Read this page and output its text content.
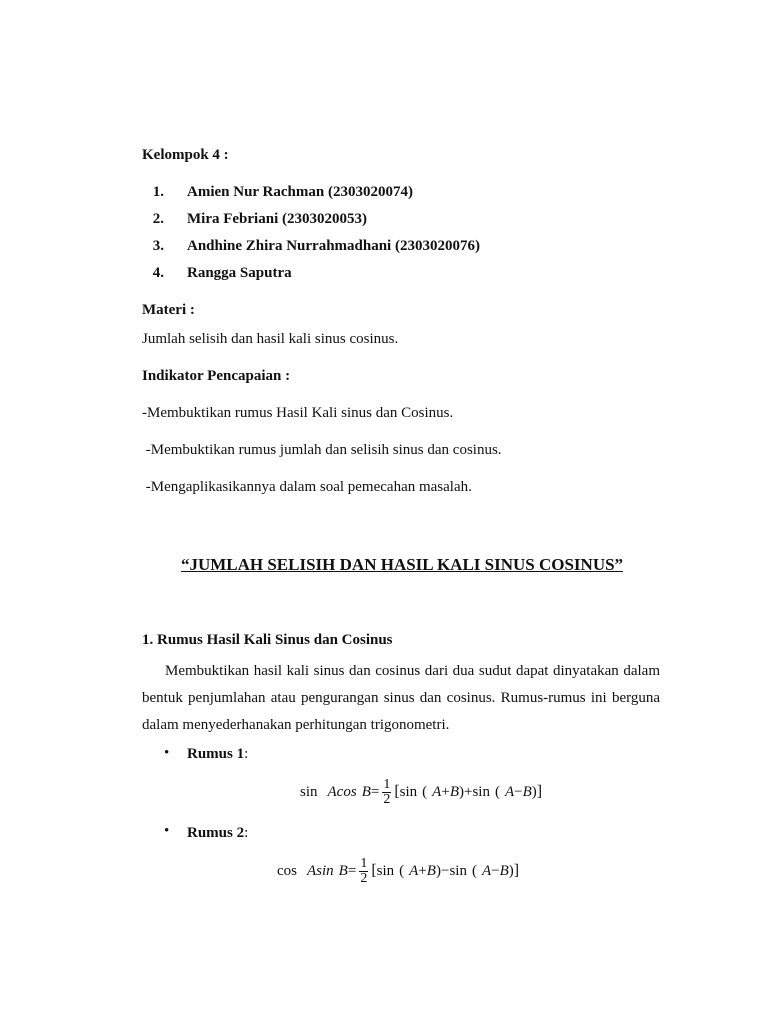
Kelompok 4 :
1. Amien Nur Rachman (2303020074)
2. Mira Febriani (2303020053)
3. Andhine Zhira Nurrahmadhani (2303020076)
4. Rangga Saputra
Materi :
Jumlah selisih dan hasil kali sinus cosinus.
Indikator Pencapaian :
-Membuktikan rumus Hasil Kali sinus dan Cosinus.
-Membuktikan rumus jumlah dan selisih sinus dan cosinus.
-Mengaplikasikannya dalam soal pemecahan masalah.
“JUMLAH SELISIH DAN HASIL KALI SINUS COSINUS”
1. Rumus Hasil Kali Sinus dan Cosinus

Membuktikan hasil kali sinus dan cosinus dari dua sudut dapat dinyatakan dalam bentuk penjumlahan atau pengurangan sinus dan cosinus. Rumus-rumus ini berguna dalam menyederhanakan perhitungan trigonometri.

• Rumus 1:
sin Acos $B = \frac{1}{2}$ [ sin ( A + B ) + sin ( A − B ) ]
• Rumus 2:
cos Asin $B = \frac{1}{2}$ [ sin ( A + B ) − sin ( A − B ) ]
